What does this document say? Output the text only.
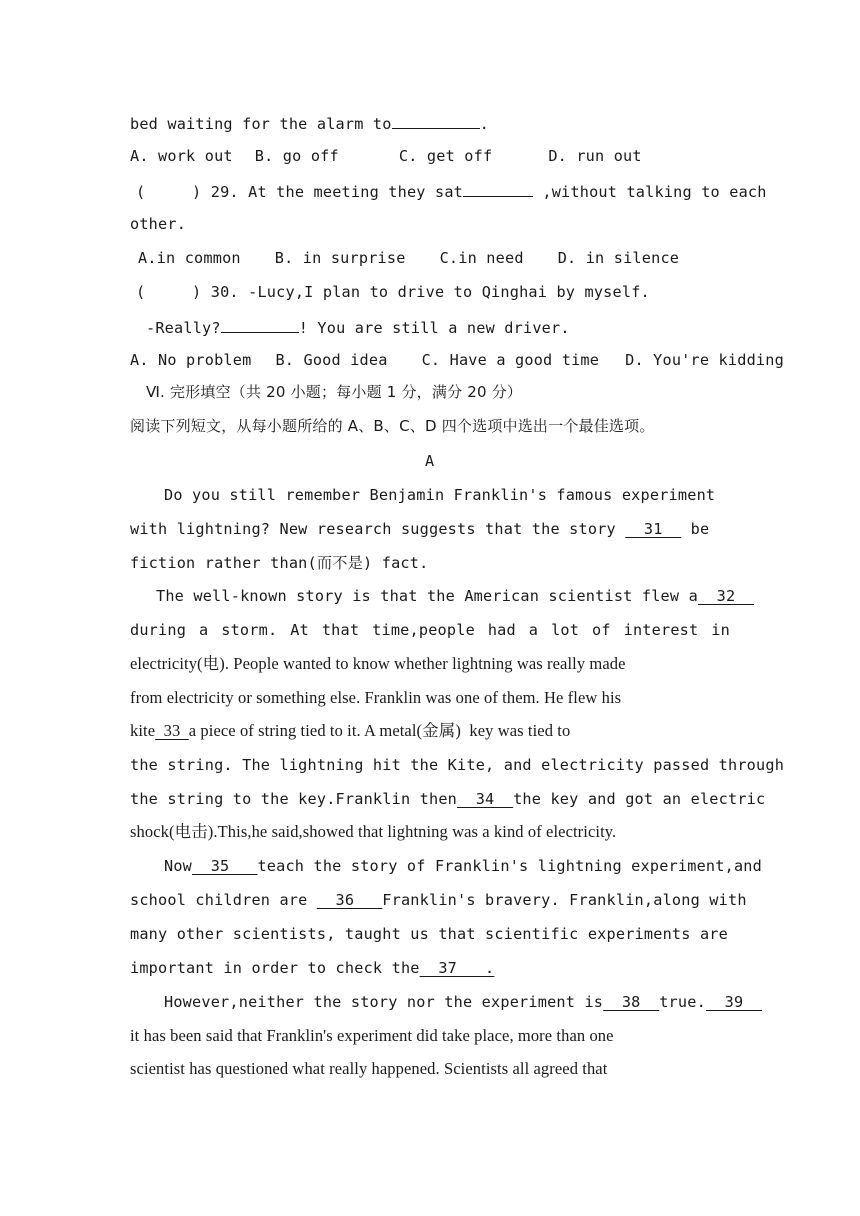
bed waiting for the alarm to	.
A. work out B. go off	C. get off	D. run out
(     ) 29. At the meeting they sat	,without talking to each
other.
A.in common B. in surprise C.in need D. in silence
(     ) 30. -Lucy,I plan to drive to Qinghai by myself.
-Really?	! You are still a new driver.
A. No problem B. Good idea C. Have a good time D. You're kidding
Ⅵ. 完形填空（共 20 小题；每小题 1 分，满分 20 分）
阅读下列短文，从每小题所给的 A、B、C、D 四个选项中选出一个最佳选项。
A
Do you still remember Benjamin Franklin's famous experiment
with lightning? New research suggests that the story   31   be
fiction rather than(而不是) fact.
The well-known story is that the American scientist flew a  32
during a storm. At that time,people had a lot of interest in
electricity(电). People wanted to know whether lightning was really made
from electricity or something else. Franklin was one of them. He flew his
kite  33  a piece of string tied to it. A metal(金属)  key was tied to
the string. The lightning hit the Kite, and electricity passed through
the string to the key.Franklin then  34  the key and got an electric
shock(电击).This,he said,showed that lightning was a kind of electricity.
Now  35   teach the story of Franklin's lightning experiment,and
school children are   36   Franklin's bravery. Franklin,along with
many other scientists, taught us that scientific experiments are
important in order to check the  37   .
However,neither the story nor the experiment is  38  true.  39
it has been said that Franklin's experiment did take place, more than one
scientist has questioned what really happened. Scientists all agreed that
